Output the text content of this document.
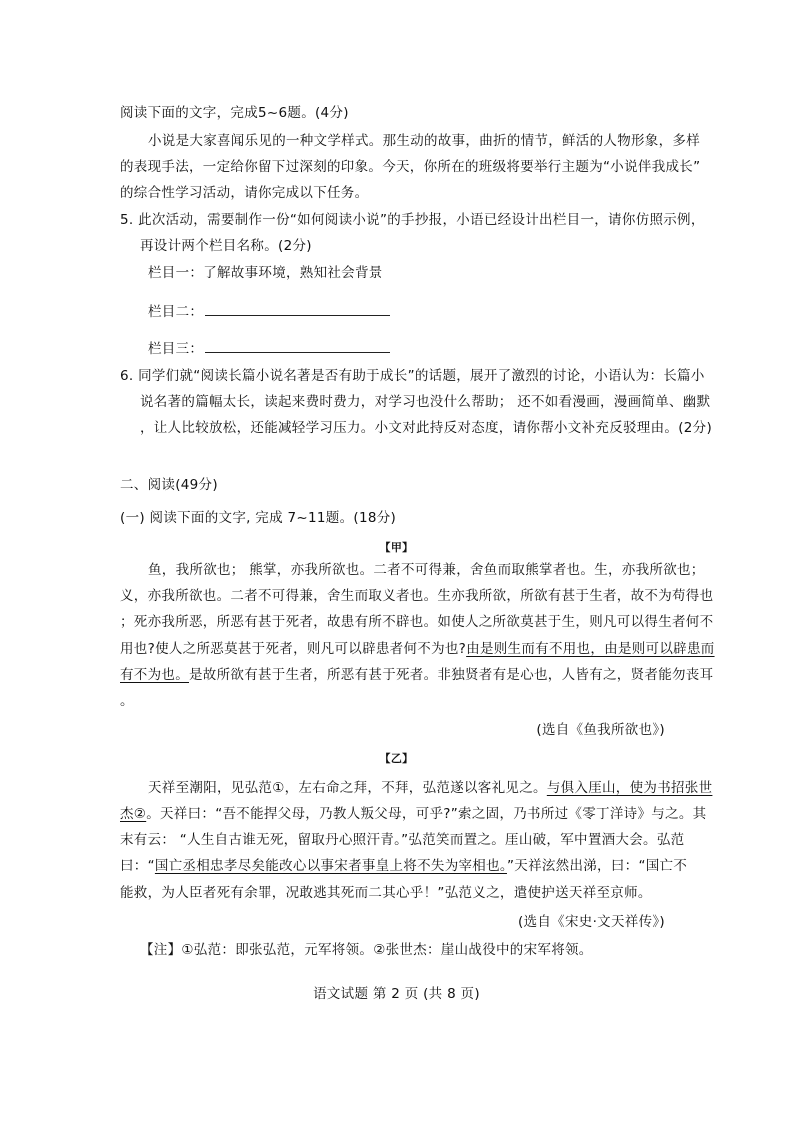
阅读下面的文字，完成5~6题。(4分)
小说是大家喜闻乐见的一种文学样式。那生动的故事，曲折的情节，鲜活的人物形象，多样
的表现手法，一定给你留下过深刻的印象。今天，你所在的班级将要举行主题为“小说伴我成长”
的综合性学习活动，请你完成以下任务。
5. 此次活动，需要制作一份“如何阅读小说”的手抄报，小语已经设计出栏目一，请你仿照示例，
再设计两个栏目名称。(2分)
栏目一：了解故事环境，熟知社会背景
栏目二：
栏目三：
6. 同学们就“阅读长篇小说名著是否有助于成长”的话题，展开了激烈的讨论，小语认为：长篇小
说名著的篇幅太长，读起来费时费力，对学习也没什么帮助； 还不如看漫画，漫画简单、幽默
，让人比较放松，还能减轻学习压力。小文对此持反对态度，请你帮小文补充反驳理由。(2分)
二、阅读(49分)
(一) 阅读下面的文字, 完成 7~11题。(18分)
【甲】
鱼，我所欲也； 熊掌，亦我所欲也。二者不可得兼，舍鱼而取熊掌者也。生，亦我所欲也；
义，亦我所欲也。二者不可得兼，舍生而取义者也。生亦我所欲，所欲有甚于生者，故不为苟得也
；死亦我所恶，所恶有甚于死者，故患有所不辟也。如使人之所欲莫甚于生，则凡可以得生者何不
用也?使人之所恶莫甚于死者，则凡可以辟患者何不为也?由是则生而有不用也，由是则可以辟患而
有不为也。是故所欲有甚于生者，所恶有甚于死者。非独贤者有是心也，人皆有之，贤者能勿丧耳
。
(选自《鱼我所欲也》)
【乙】
天祥至潮阳，见弘范①，左右命之拜，不拜，弘范遂以客礼见之。与俱入厓山，使为书招张世
杰②。天祥曰：“吾不能捍父母，乃教人叛父母，可乎?”索之固，乃书所过《零丁洋诗》与之。其
末有云： “人生自古谁无死，留取丹心照汗青。”弘范笑而置之。厓山破，军中置酒大会。弘范
曰：“国亡丞相忠孝尽矣能改心以事宋者事皇上将不失为宰相也。”天祥泫然出涕，曰：“国亡不
能救，为人臣者死有余罪，况敢逃其死而二其心乎！”弘范义之，遣使护送天祥至京师。
(选自《宋史·文天祥传》)
【注】①弘范：即张弘范，元军将领。②张世杰：崖山战役中的宋军将领。
语文试题 第 2 页 (共 8 页)
